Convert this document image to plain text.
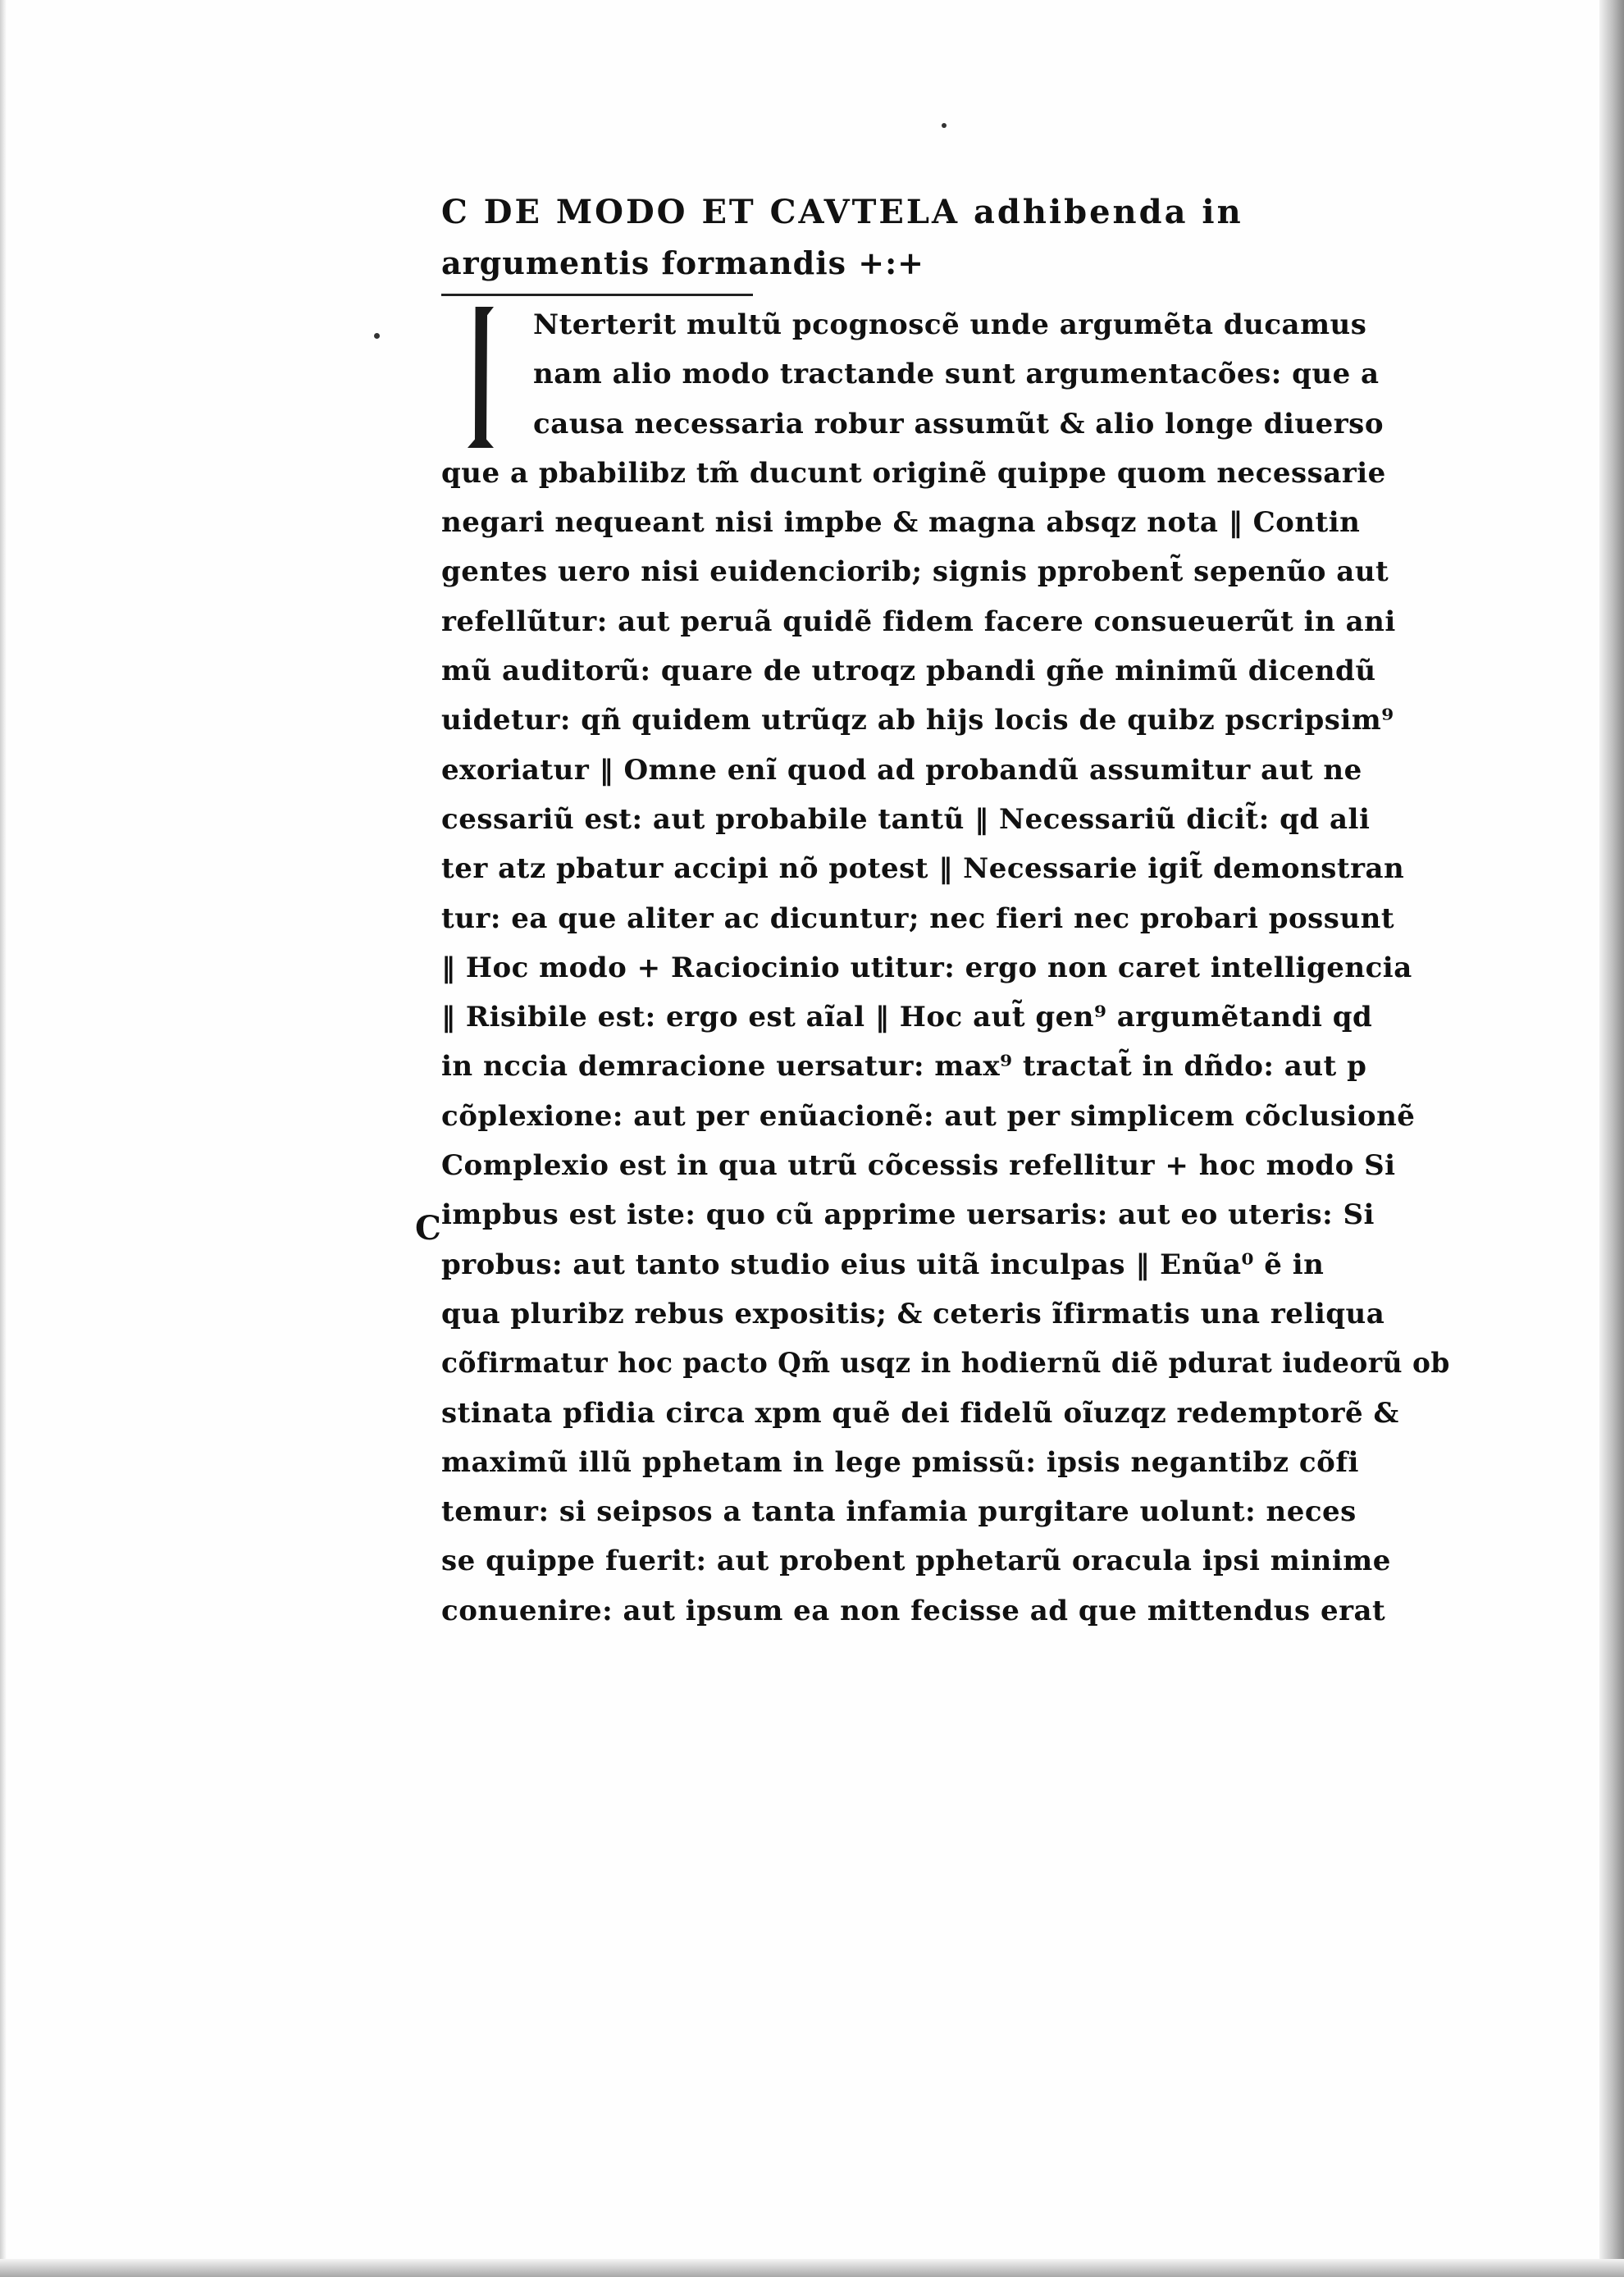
C
C DE MODO ET CAVTELA adhibenda in
argumentis formandis +:+
Nterterit multũ pcognoscẽ unde argumẽta ducamus
nam alio modo tractande sunt argumentacões: que a
causa necessaria robur assumũt & alio longe diuerso
que a pbabilibz tm̃ ducunt originẽ quippe quom necessarie
negari nequeant nisi impbe & magna absqz nota ‖ Contin
gentes uero nisi euidenciorib; signis pprobent̃ sepenũo aut
refellũtur: aut peruã quidẽ fidem facere consueuerũt in ani
mũ auditorũ: quare de utroqz pbandi gñe minimũ dicendũ
uidetur: qñ quidem utrũqz ab hijs locis de quibz pscripsim⁹
exoriatur ‖ Omne enĩ quod ad probandũ assumitur aut ne
cessariũ est: aut probabile tantũ ‖ Necessariũ dicit̃: qd ali
ter atz pbatur accipi nõ potest ‖ Necessarie igit̃ demonstran
tur: ea que aliter ac dicuntur; nec fieri nec probari possunt
‖ Hoc modo + Raciocinio utitur: ergo non caret intelligencia
‖ Risibile est: ergo est aĩal ‖ Hoc aut̃ gen⁹ argumẽtandi qd
in nccia demracione uersatur: max⁹ tractat̃ in dñdo: aut p
cõplexione: aut per enũacionẽ: aut per simplicem cõclusionẽ
Complexio est in qua utrũ cõcessis refellitur + hoc modo Si
impbus est iste: quo cũ apprime uersaris: aut eo uteris: Si
probus: aut tanto studio eius uitã inculpas ‖ Enũa⁰ ẽ in
qua pluribz rebus expositis; & ceteris ĩfirmatis una reliqua
cõfirmatur hoc pacto Qm̃ usqz in hodiernũ diẽ pdurat iudeorũ ob
stinata pfidia circa xpm quẽ dei fidelũ oĩuzqz redemptorẽ &
maximũ illũ pphetam in lege pmissũ: ipsis negantibz cõfi
temur: si seipsos a tanta infamia purgitare uolunt: neces
se quippe fuerit: aut probent pphetarũ oracula ipsi minime
conuenire: aut ipsum ea non fecisse ad que mittendus erat
